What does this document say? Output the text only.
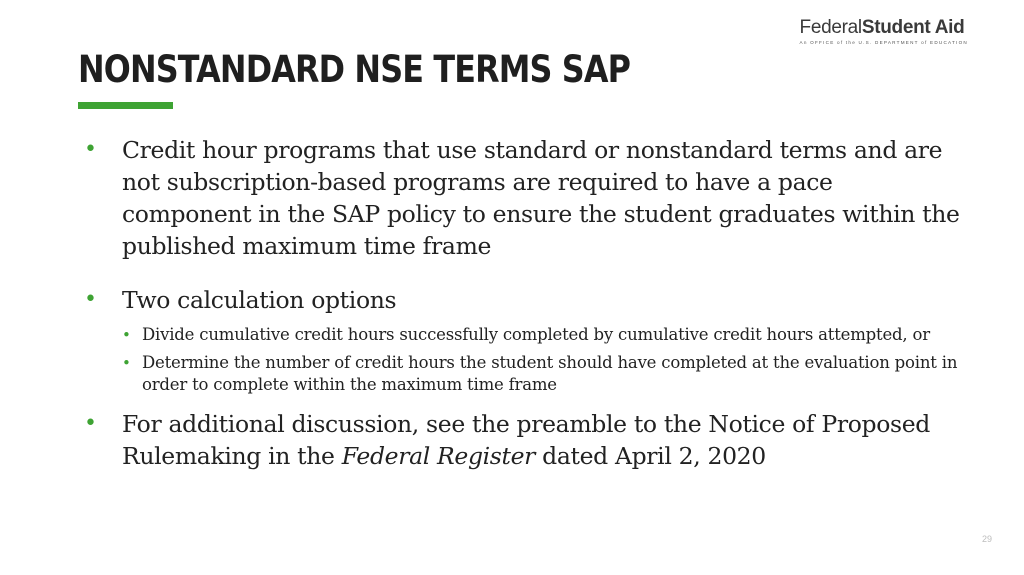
FederalStudent Aid
An OFFICE of the U.S. DEPARTMENT of EDUCATION
NONSTANDARD NSE TERMS SAP
• Credit hour programs that use standard or nonstandard terms and are not subscription-based programs are required to have a pace component in the SAP policy to ensure the student graduates within the published maximum time frame
• Two calculation options
• Divide cumulative credit hours successfully completed by cumulative credit hours attempted, or
• Determine the number of credit hours the student should have completed at the evaluation point in order to complete within the maximum time frame
• For additional discussion, see the preamble to the Notice of Proposed Rulemaking in the Federal Register dated April 2, 2020
29
